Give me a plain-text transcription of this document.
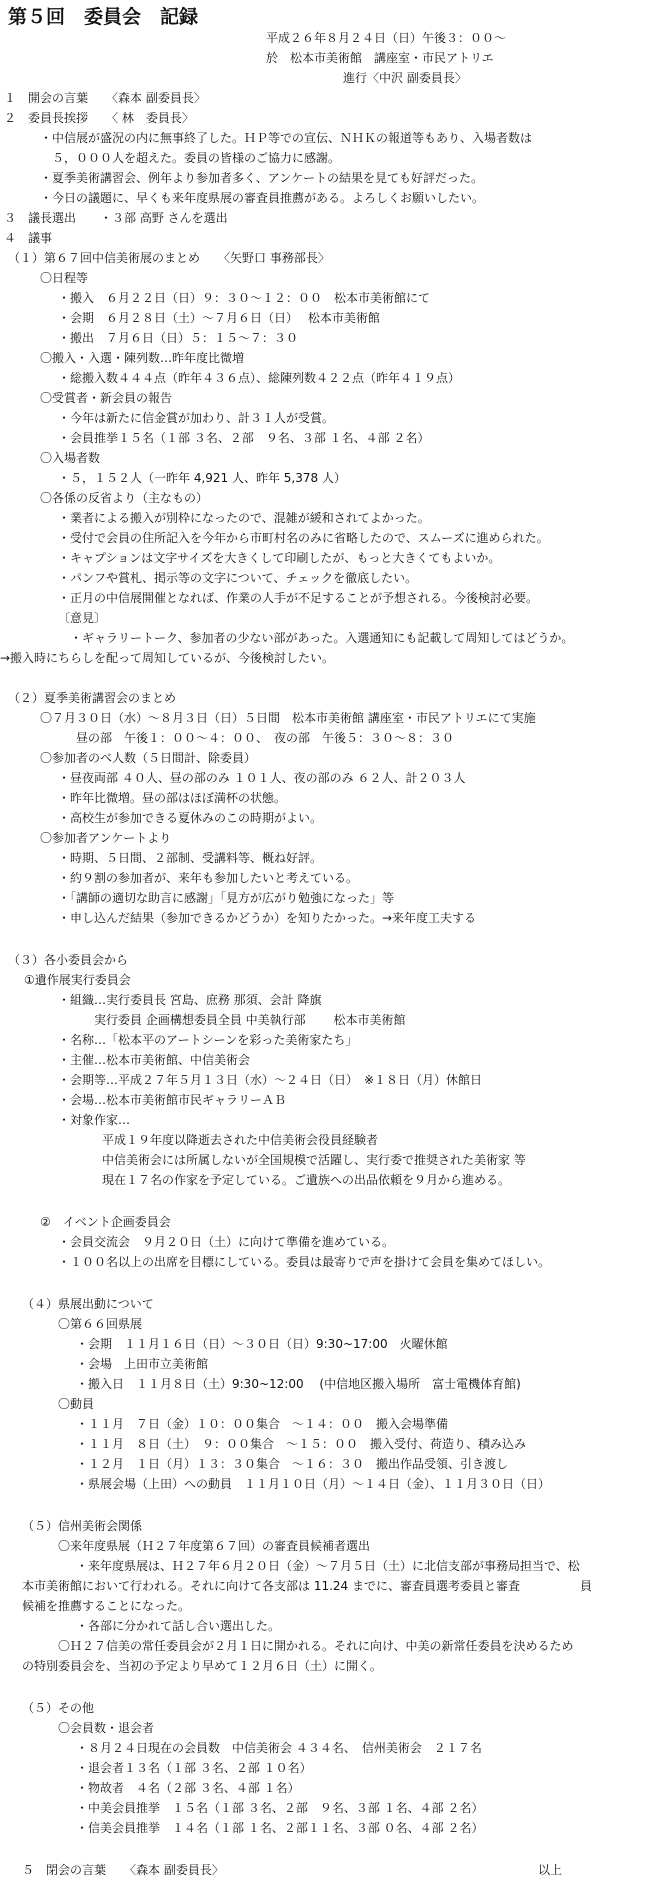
第５回　委員会　記録
平成２６年８月２４日（日）午後３：００～
於　松本市美術館　講座室・市民アトリエ
進行〈中沢 副委員長〉
１　開会の言葉　　〈森本 副委員長〉
２　委員長挨拶　　〈 林　委員長〉
・中信展が盛況の内に無事終了した。ＨＰ等での宣伝、ＮＨＫの報道等もあり、入場者数は
５，０００人を超えた。委員の皆様のご協力に感謝。
・夏季美術講習会、例年より参加者多く、アンケートの結果を見ても好評だった。
・今日の議題に、早くも来年度県展の審査員推薦がある。よろしくお願いしたい。
３　議長選出　　・３部 高野 さんを選出
４　議事
（１）第６７回中信美術展のまとめ　　〈矢野口 事務部長〉
〇日程等
・搬入　６月２２日（日）９：３０～１２：００　松本市美術館にて
・会期　６月２８日（土）～７月６日（日）　 松本市美術館
・搬出　７月６日（日）５：１５～７：３０
〇搬入・入選・陳列数…昨年度比微増
・総搬入数４４４点（昨年４３６点）、総陳列数４２２点（昨年４１９点）
〇受賞者・新会員の報告
・今年は新たに信金賞が加わり、計３１人が受賞。
・会員推挙１５名（１部 ３名、２部　９名、３部 １名、４部 ２名）
〇入場者数
・５，１５２人（一昨年 4,921 人、昨年 5,378 人）
〇各係の反省より（主なもの）
・業者による搬入が別枠になったので、混雑が緩和されてよかった。
・受付で会員の住所記入を今年から市町村名のみに省略したので、スムーズに進められた。
・キャプションは文字サイズを大きくして印刷したが、もっと大きくてもよいか。
・パンフや賞札、掲示等の文字について、チェックを徹底したい。
・正月の中信展開催となれば、作業の人手が不足することが予想される。今後検討必要。
〔意見〕
・ギャラリートーク、参加者の少ない部があった。入選通知にも記載して周知してはどうか。
→搬入時にちらしを配って周知しているが、今後検討したい。
（２）夏季美術講習会のまとめ
〇７月３０日（水）～８月３日（日）５日間　松本市美術館 講座室・市民アトリエにて実施
昼の部　午後１：００～４：００、　夜の部　午後５：３０～８：３０
〇参加者のべ人数（５日間計、除委員）
・昼夜両部 ４０人、昼の部のみ １０１人、夜の部のみ ６２人、計２０３人
・昨年比微増。昼の部はほぼ満杯の状態。
・高校生が参加できる夏休みのこの時期がよい。
〇参加者アンケートより
・時期、５日間、２部制、受講料等、概ね好評。
・約９割の参加者が、来年も参加したいと考えている。
・「講師の適切な助言に感謝」「見方が広がり勉強になった」等
・申し込んだ結果（参加できるかどうか）を知りたかった。→来年度工夫する
（３）各小委員会から
①遺作展実行委員会
・組織…実行委員長 宮島、庶務 那須、会計 降旗
実行委員 企画構想委員全員 中美執行部　　 松本市美術館
・名称…「松本平のアートシーンを彩った美術家たち」
・主催…松本市美術館、中信美術会
・会期等…平成２７年５月１３日（水）～２４日（日）　※１８日（月）休館日
・会場…松本市美術館市民ギャラリーＡＢ
・対象作家…
平成１９年度以降逝去された中信美術会役員経験者
中信美術会には所属しないが全国規模で活躍し、実行委で推奨された美術家 等
現在１７名の作家を予定している。ご遺族への出品依頼を９月から進める。
②　イベント企画委員会
・会員交流会　９月２０日（土）に向けて準備を進めている。
・１００名以上の出席を目標にしている。委員は最寄りで声を掛けて会員を集めてほしい。
（４）県展出動について
〇第６６回県展
・会期　１１月１６日（日）～３０日（日）9:30~17:00　火曜休館
・会場　上田市立美術館
・搬入日　１１月８日（土）9:30~12:00　 (中信地区搬入場所　富士電機体育館)
〇動員
・１１月　７日（金）１０：００集合　～１４：００　搬入会場準備
・１１月　８日（土）　９：００集合　～１５：００　搬入受付、荷造り、積み込み
・１２月　１日（月）１３：３０集合　～１６：３０　搬出作品受領、引き渡し
・県展会場（上田）への動員　１１月１０日（月）～１４日（金）、１１月３０日（日）
（５）信州美術会関係
〇来年度県展（Ｈ２７年度第６７回）の審査員候補者選出
・来年度県展は、Ｈ２７年６月２０日（金）～７月５日（土）に北信支部が事務局担当で、松
本市美術館において行われる。それに向けて各支部は 11.24 までに、審査員選考委員と審査　　　　　員
候補を推薦することになった。
・各部に分かれて話し合い選出した。
〇Ｈ２７信美の常任委員会が２月１日に開かれる。それに向け、中美の新常任委員を決めるため
の特別委員会を、当初の予定より早めて１２月６日（土）に開く。
（５）その他
〇会員数・退会者
・８月２４日現在の会員数　中信美術会 ４３４名、　信州美術会　２１７名
・退会者１３名（１部 ３名、２部 １０名）
・物故者　４名（２部 ３名、４部 １名）
・中美会員推挙　１５名（１部 ３名、２部　９名、３部 １名、４部 ２名）
・信美会員推挙　１４名（１部 １名、２部１１名、３部 ０名、４部 ２名）
５　閉会の言葉　　〈森本 副委員長〉	以上
